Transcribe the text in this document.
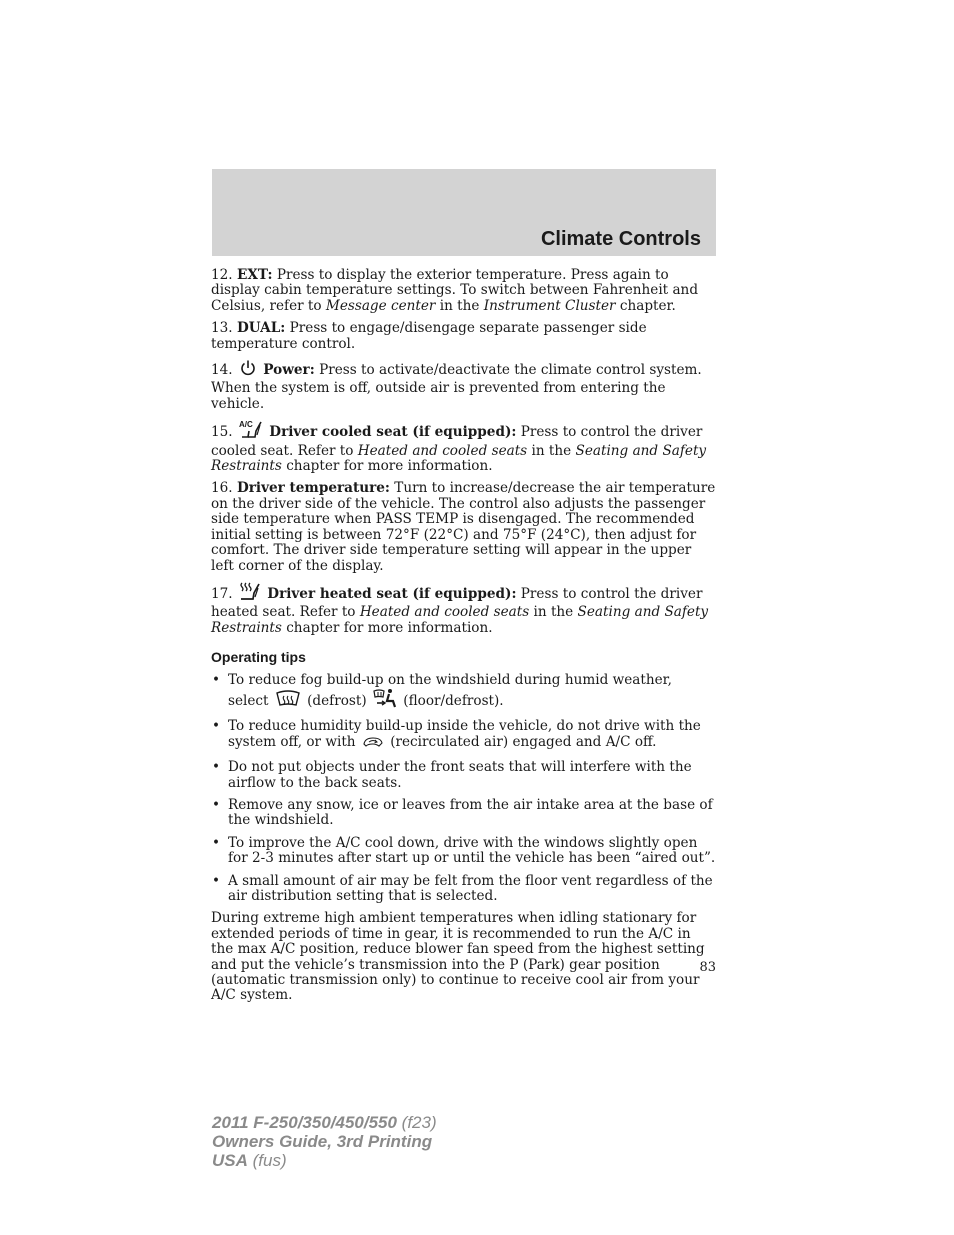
Climate Controls

12. EXT: Press to display the exterior temperature. Press again to display cabin temperature settings. To switch between Fahrenheit and Celsius, refer to Message center in the Instrument Cluster chapter.

13. DUAL: Press to engage/disengage separate passenger side temperature control.

14. Power: Press to activate/deactivate the climate control system. When the system is off, outside air is prevented from entering the vehicle.

15. A/C Driver cooled seat (if equipped): Press to control the driver cooled seat. Refer to Heated and cooled seats in the Seating and Safety Restraints chapter for more information.

16. Driver temperature: Turn to increase/decrease the air temperature on the driver side of the vehicle. The control also adjusts the passenger side temperature when PASS TEMP is disengaged. The recommended initial setting is between 72°F (22°C) and 75°F (24°C), then adjust for comfort. The driver side temperature setting will appear in the upper left corner of the display.

17.	Driver heated seat (if equipped): Press to control the driver heated seat. Refer to Heated and cooled seats in the Seating and Safety Restraints chapter for more information.

Operating tips
• To reduce fog build-up on the windshield during humid weather, select  (defrost)  (floor/defrost).
• To reduce humidity build-up inside the vehicle, do not drive with the system off, or with  (recirculated air) engaged and A/C off.
• Do not put objects under the front seats that will interfere with the airflow to the back seats.
• Remove any snow, ice or leaves from the air intake area at the base of the windshield.
• To improve the A/C cool down, drive with the windows slightly open for 2-3 minutes after start up or until the vehicle has been “aired out”.
• A small amount of air may be felt from the floor vent regardless of the air distribution setting that is selected.

During extreme high ambient temperatures when idling stationary for extended periods of time in gear, it is recommended to run the A/C in the max A/C position, reduce blower fan speed from the highest setting and put the vehicle’s transmission into the P (Park) gear position (automatic transmission only) to continue to receive cool air from your A/C system.

83
2011 F-250/350/450/550 (f23)
Owners Guide, 3rd Printing
USA (fus)
